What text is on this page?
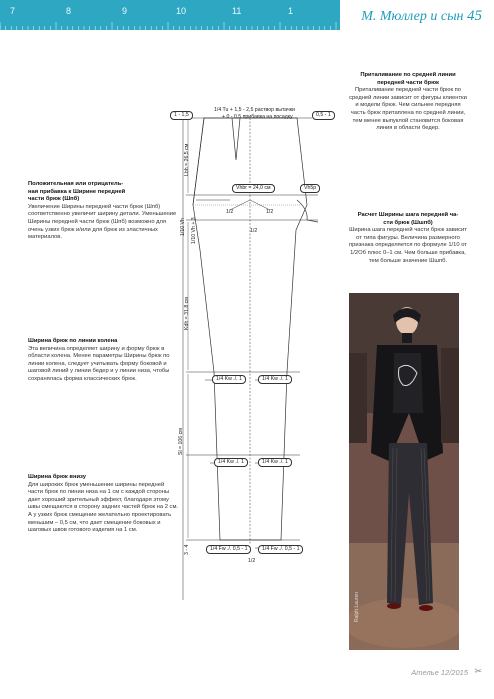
7	8	9	10	11	1	М. Мюллер и сын 45
1/4 Tu + 1,5 - 2,5 раствор вытачки
+ 0 - 0,5 прибавка на посадку
1 - 1,5	0,5 - 1
Vhbr = 24,0 см	Vh5p
1/2	1/2
1/2
Lbh = 26,5 см
1/10 Vh + 3
1/10 Vh
Kdh = 31,8 см
Sl = 106 см
3 - 4
1/4 Kw ./. 1	1/4 Kw ./. 1
1/4 Kw ./. 1	1/4 Kw ./. 1
1/4 Fw ./. 0,5 - 1	1/4 Fw ./. 0,5 - 1
1/2
Положительная или отрицатель-
ная прибавка к Ширине передней
части брюк (Шпб)
Увеличение Ширины передней части брюк (Шпб) соответственно увеличит ширину детали. Уменьшение Ширины передней части брюк (Шпб) возможно для очень узких брюк и/или для брюк из эластичных материалов.
Ширина брюк по линии колена
Эта величина определяет ширину и форму брюк в области колена. Менее параметры Ширины брюк по линии колена, следует учитывать форму боковой и шаговой линий у линии бедер и у линии низа, чтобы сохранялась форма классических брюк.
Ширина брюк внизу
Для широких брюк уменьшение ширины передней части брюк по линии низа на 1 см с каждой стороны дает хороший зрительный эффект, благодаря этому швы смещаются в сторону задних частей брюк на 2 см. А у узких брюк смещение желательно проектировать меньшим – 0,5 см, что дает смещение боковых и шаговых швов готового изделия на 1 см.
Приталивание по средней линии
передней части брюк
Приталивание передней части брюк по средней линии зависит от фигуры клиентки и модели брюк. Чем сильнее передняя часть брюк притаплена по средней линии, тем менее выпуклой становится боковая линия в области бедер.
Расчет Ширины шага передней ча-
сти брюк (Шшпб)
Ширина шага передней части брюк зависит от типа фигуры. Величина размерного признака определяется по формуле 1/10 от 1/2Об плюс 0–1 см. Чем больше прибавка, тем больше значение Шшпб.
Ralph Lauren
Ателье 12/2015 ✂
